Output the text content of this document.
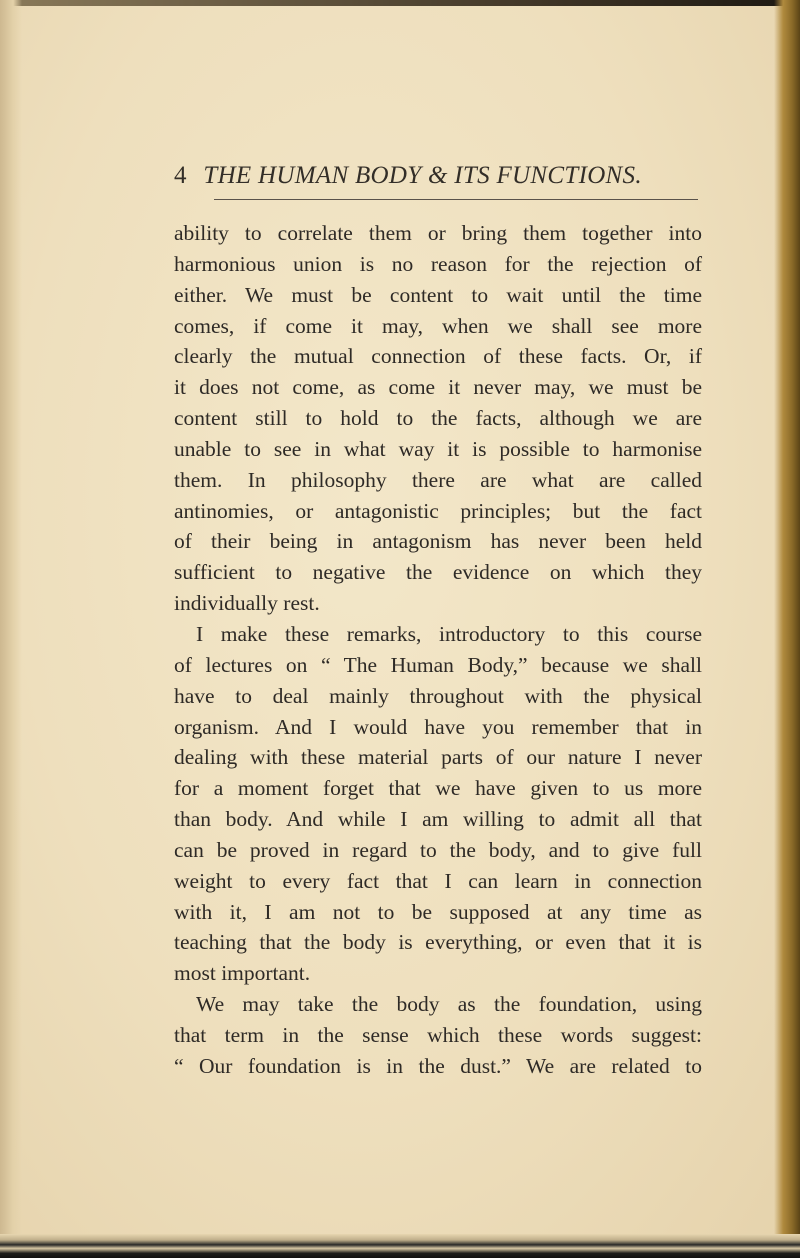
4 THE HUMAN BODY & ITS FUNCTIONS.
ability to correlate them or bring them together into
harmonious union is no reason for the rejection of
either. We must be content to wait until the time
comes, if come it may, when we shall see more
clearly the mutual connection of these facts. Or, if
it does not come, as come it never may, we must be
content still to hold to the facts, although we are
unable to see in what way it is possible to harmonise
them. In philosophy there are what are called
antinomies, or antagonistic principles; but the fact
of their being in antagonism has never been held
sufficient to negative the evidence on which they
individually rest.
I make these remarks, introductory to this course
of lectures on “ The Human Body,” because we shall
have to deal mainly throughout with the physical
organism. And I would have you remember that in
dealing with these material parts of our nature I never
for a moment forget that we have given to us more
than body. And while I am willing to admit all that
can be proved in regard to the body, and to give full
weight to every fact that I can learn in connection
with it, I am not to be supposed at any time as
teaching that the body is everything, or even that it is
most important.
We may take the body as the foundation, using
that term in the sense which these words suggest:
“ Our foundation is in the dust.” We are related to
